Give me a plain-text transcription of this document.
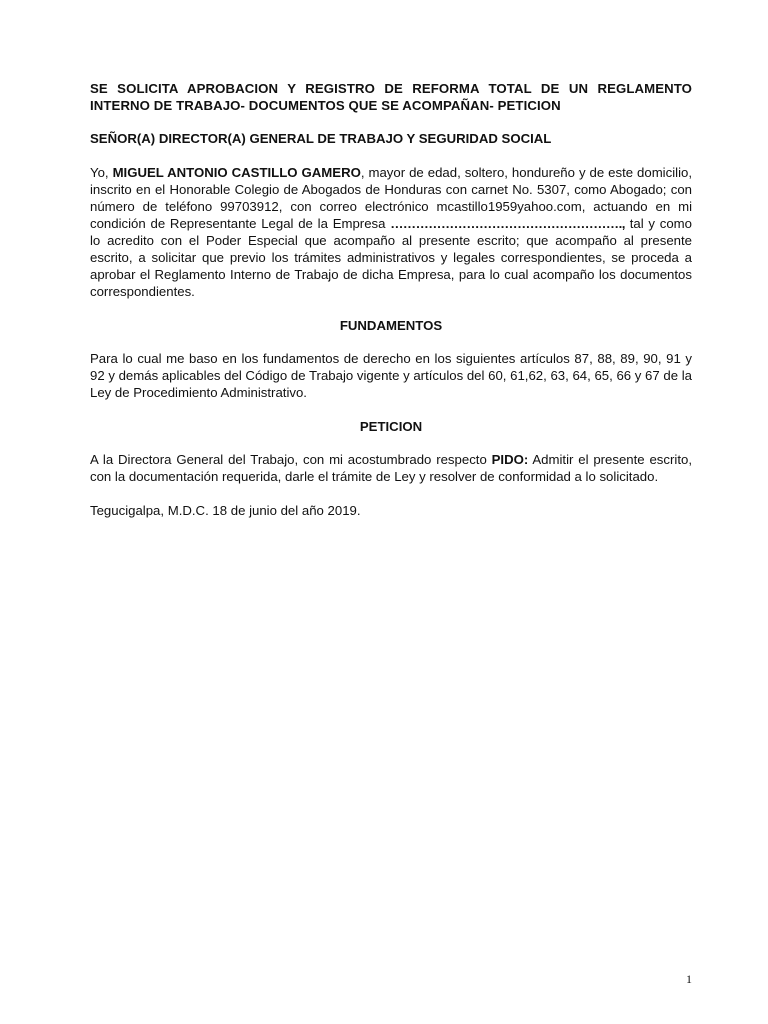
SE SOLICITA APROBACION Y REGISTRO DE REFORMA TOTAL DE UN REGLAMENTO INTERNO DE TRABAJO- DOCUMENTOS QUE SE ACOMPAÑAN- PETICION
SEÑOR(A) DIRECTOR(A) GENERAL DE TRABAJO Y SEGURIDAD SOCIAL

Yo, MIGUEL ANTONIO CASTILLO GAMERO, mayor de edad, soltero, hondureño y de este domicilio, inscrito en el Honorable Colegio de Abogados de Honduras con carnet No. 5307, como Abogado; con número de teléfono 99703912, con correo electrónico mcastillo1959yahoo.com, actuando en mi condición de Representante Legal de la Empresa ………………………………………………., tal y como lo acredito con el Poder Especial que acompaño al presente escrito; que acompaño al presente escrito, a solicitar que previo los trámites administrativos y legales correspondientes, se proceda a aprobar el Reglamento Interno de Trabajo de dicha Empresa, para lo cual acompaño los documentos correspondientes.

FUNDAMENTOS

Para lo cual me baso en los fundamentos de derecho en los siguientes artículos 87, 88, 89, 90, 91 y 92 y demás aplicables del Código de Trabajo vigente y artículos del 60, 61,62, 63, 64, 65, 66 y 67 de la Ley de Procedimiento Administrativo.

PETICION

A la Directora General del Trabajo, con mi acostumbrado respecto PIDO: Admitir el presente escrito, con la documentación requerida, darle el trámite de Ley y resolver de conformidad a lo solicitado.

Tegucigalpa, M.D.C. 18 de junio del año 2019.

1
